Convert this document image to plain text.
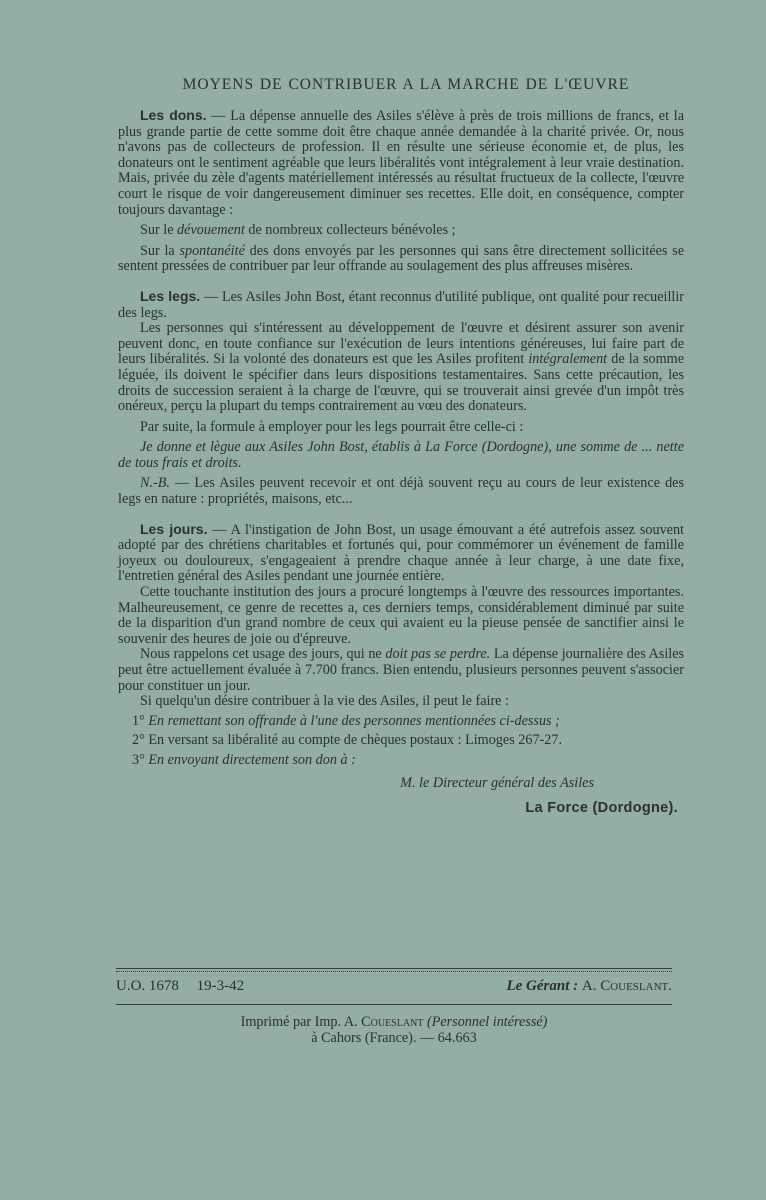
MOYENS DE CONTRIBUER A LA MARCHE DE L'ŒUVRE

Les dons. — La dépense annuelle des Asiles s'élève à près de trois millions de francs, et la plus grande partie de cette somme doit être chaque année demandée à la charité privée. Or, nous n'avons pas de collecteurs de profession. Il en résulte une sérieuse économie et, de plus, les donateurs ont le sentiment agréable que leurs libéralités vont intégralement à leur vraie destination. Mais, privée du zèle d'agents matériellement intéressés au résultat fructueux de la collecte, l'œuvre court le risque de voir dangereusement diminuer ses recettes. Elle doit, en conséquence, compter toujours davantage :

Sur le dévouement de nombreux collecteurs bénévoles ;

Sur la spontanéité des dons envoyés par les personnes qui sans être directement sollicitées se sentent pressées de contribuer par leur offrande au soulagement des plus affreuses misères.

Les legs. — Les Asiles John Bost, étant reconnus d'utilité publique, ont qualité pour recueillir des legs.

Les personnes qui s'intéressent au développement de l'œuvre et désirent assurer son avenir peuvent donc, en toute confiance sur l'exécution de leurs intentions généreuses, lui faire part de leurs libéralités. Si la volonté des donateurs est que les Asiles profitent intégralement de la somme léguée, ils doivent le spécifier dans leurs dispositions testamentaires. Sans cette précaution, les droits de succession seraient à la charge de l'œuvre, qui se trouverait ainsi grevée d'un impôt très onéreux, perçu la plupart du temps contrairement au vœu des donateurs.

Par suite, la formule à employer pour les legs pourrait être celle-ci :

Je donne et lègue aux Asiles John Bost, établis à La Force (Dordogne), une somme de ... nette de tous frais et droits.

N.-B. — Les Asiles peuvent recevoir et ont déjà souvent reçu au cours de leur existence des legs en nature : propriétés, maisons, etc...

Les jours. — A l'instigation de John Bost, un usage émouvant a été autrefois assez souvent adopté par des chrétiens charitables et fortunés qui, pour commémorer un événement de famille joyeux ou douloureux, s'engageaient à prendre chaque année à leur charge, à une date fixe, l'entretien général des Asiles pendant une journée entière.

Cette touchante institution des jours a procuré longtemps à l'œuvre des ressources importantes. Malheureusement, ce genre de recettes a, ces derniers temps, considérablement diminué par suite de la disparition d'un grand nombre de ceux qui avaient eu la pieuse pensée de sanctifier ainsi le souvenir des heures de joie ou d'épreuve.

Nous rappelons cet usage des jours, qui ne doit pas se perdre. La dépense journalière des Asiles peut être actuellement évaluée à 7.700 francs. Bien entendu, plusieurs personnes peuvent s'associer pour constituer un jour.

Si quelqu'un désire contribuer à la vie des Asiles, il peut le faire :

1° En remettant son offrande à l'une des personnes mentionnées ci-dessus ;

2° En versant sa libéralité au compte de chèques postaux : Limoges 267-27.

3° En envoyant directement son don à :

M. le Directeur général des Asiles
La Force (Dordogne).
U.O. 1678 19-3-42	Le Gérant : A. Coueslant.
Imprimé par Imp. A. Coueslant (Personnel intéressé)
à Cahors (France). — 64.663
